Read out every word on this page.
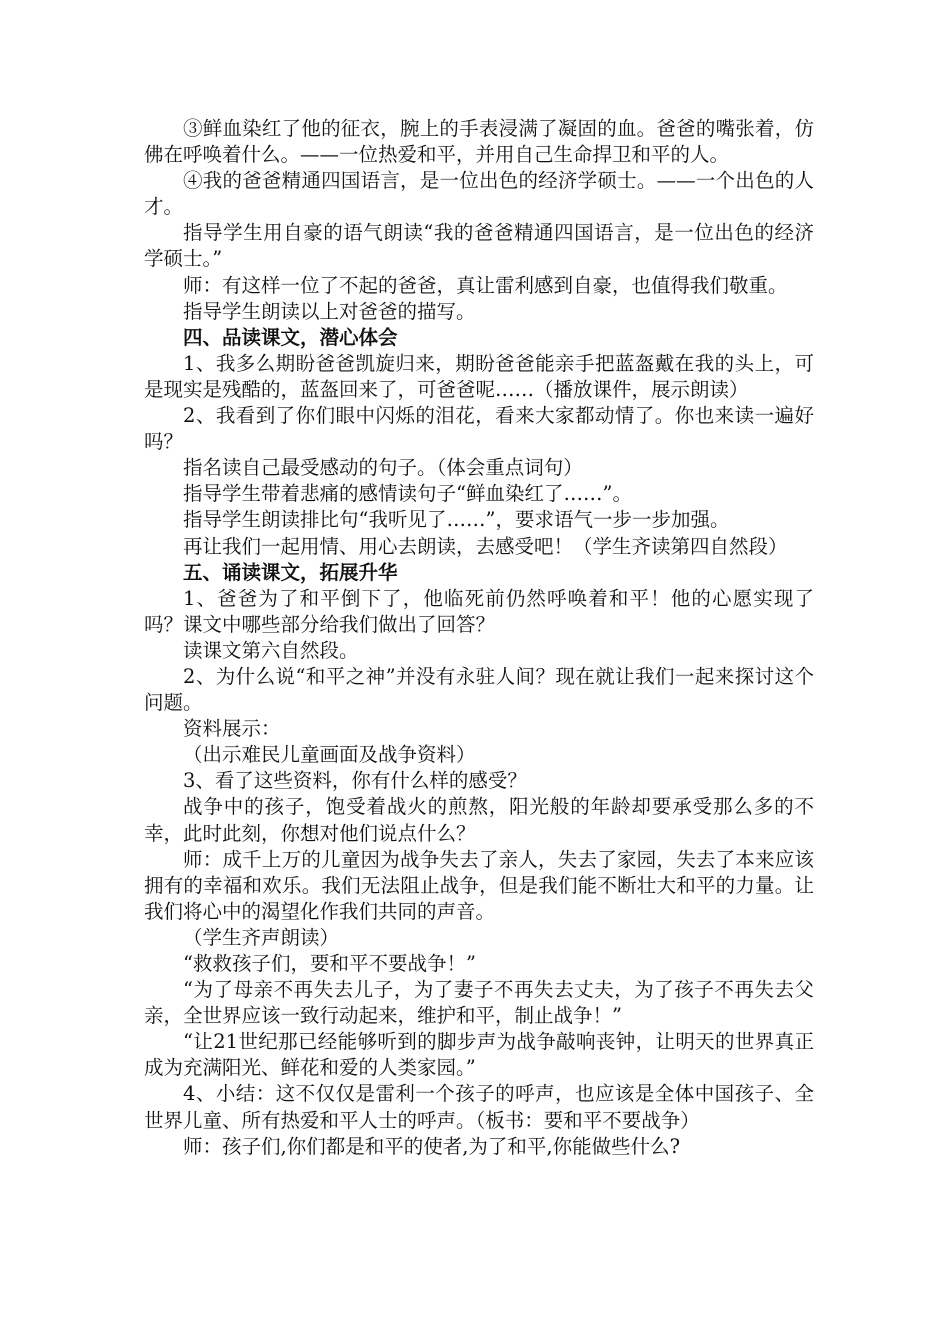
③鲜血染红了他的征衣，腕上的手表浸满了凝固的血。爸爸的嘴张着，仿佛在呼唤着什么。——一位热爱和平，并用自己生命捍卫和平的人。

④我的爸爸精通四国语言，是一位出色的经济学硕士。——一个出色的人才。

指导学生用自豪的语气朗读“我的爸爸精通四国语言，是一位出色的经济学硕士。”

师：有这样一位了不起的爸爸，真让雷利感到自豪，也值得我们敬重。

指导学生朗读以上对爸爸的描写。

四、品读课文，潜心体会

1、我多么期盼爸爸凯旋归来，期盼爸爸能亲手把蓝盔戴在我的头上，可是现实是残酷的，蓝盔回来了，可爸爸呢……（播放课件，展示朗读）

2、我看到了你们眼中闪烁的泪花，看来大家都动情了。你也来读一遍好吗？

指名读自己最受感动的句子。（体会重点词句）

指导学生带着悲痛的感情读句子“鲜血染红了……”。

指导学生朗读排比句“我听见了……”，要求语气一步一步加强。

再让我们一起用情、用心去朗读，去感受吧！（学生齐读第四自然段）

五、诵读课文，拓展升华

1、爸爸为了和平倒下了，他临死前仍然呼唤着和平！他的心愿实现了吗？课文中哪些部分给我们做出了回答？

读课文第六自然段。

2、为什么说“和平之神”并没有永驻人间？现在就让我们一起来探讨这个问题。

资料展示：

（出示难民儿童画面及战争资料）

3、看了这些资料，你有什么样的感受？

战争中的孩子，饱受着战火的煎熬，阳光般的年龄却要承受那么多的不幸，此时此刻，你想对他们说点什么？

师：成千上万的儿童因为战争失去了亲人，失去了家园，失去了本来应该拥有的幸福和欢乐。我们无法阻止战争，但是我们能不断壮大和平的力量。让我们将心中的渴望化作我们共同的声音。

（学生齐声朗读）

“救救孩子们，要和平不要战争！”

“为了母亲不再失去儿子，为了妻子不再失去丈夫，为了孩子不再失去父亲，全世界应该一致行动起来，维护和平，制止战争！”

“让21世纪那已经能够听到的脚步声为战争敲响丧钟，让明天的世界真正成为充满阳光、鲜花和爱的人类家园。”

4、小结：这不仅仅是雷利一个孩子的呼声，也应该是全体中国孩子、全世界儿童、所有热爱和平人士的呼声。（板书：要和平不要战争）

师：孩子们,你们都是和平的使者,为了和平,你能做些什么?
